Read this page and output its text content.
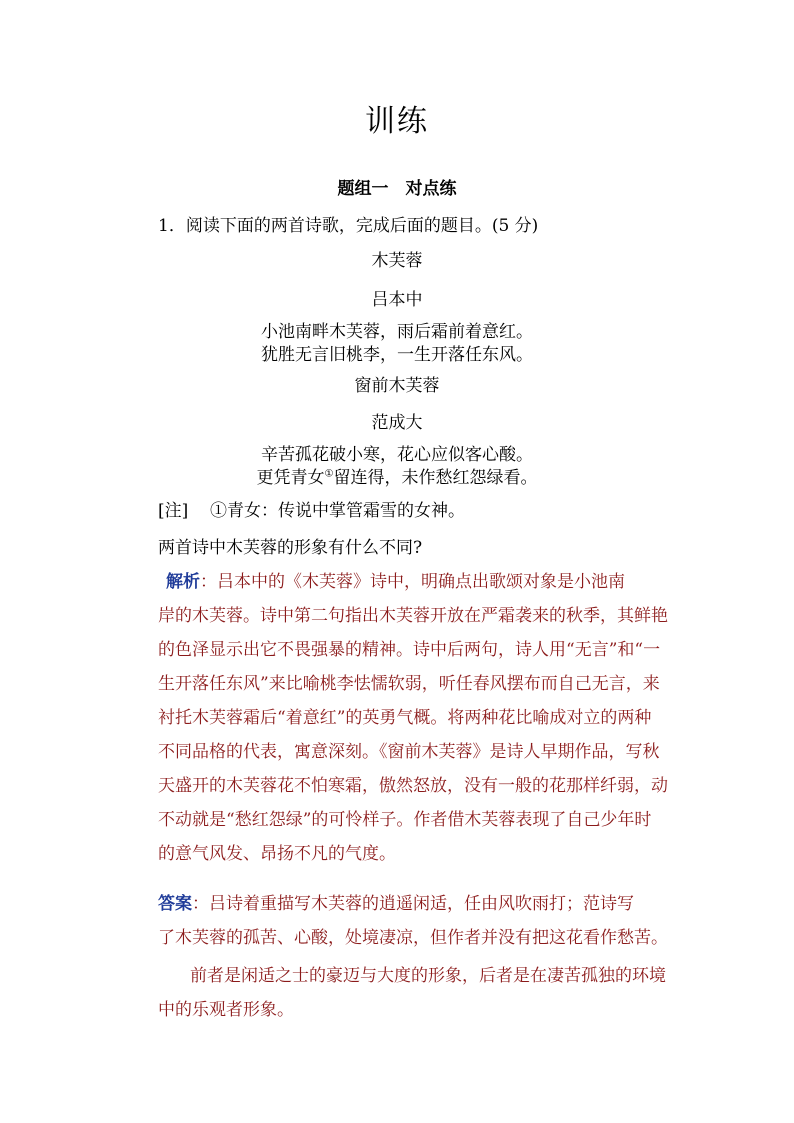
训练
题组一　对点练
1．阅读下面的两首诗歌，完成后面的题目。(5 分)
木芙蓉
吕本中
小池南畔木芙蓉，雨后霜前着意红。
犹胜无言旧桃李，一生开落任东风。
窗前木芙蓉
范成大
辛苦孤花破小寒，花心应似客心酸。
更凭青女①留连得，未作愁红怨绿看。
[注] ①青女：传说中掌管霜雪的女神。
两首诗中木芙蓉的形象有什么不同?

解析：吕本中的《木芙蓉》诗中，明确点出歌颂对象是小池南

岸的木芙蓉。诗中第二句指出木芙蓉开放在严霜袭来的秋季，其鲜艳

的色泽显示出它不畏强暴的精神。诗中后两句，诗人用“无言”和“一

生开落任东风”来比喻桃李怯懦软弱，听任春风摆布而自己无言，来

衬托木芙蓉霜后“着意红”的英勇气概。将两种花比喻成对立的两种

不同品格的代表，寓意深刻。《窗前木芙蓉》是诗人早期作品，写秋

天盛开的木芙蓉花不怕寒霜，傲然怒放，没有一般的花那样纤弱，动

不动就是“愁红怨绿”的可怜样子。作者借木芙蓉表现了自己少年时

的意气风发、昂扬不凡的气度。

答案：吕诗着重描写木芙蓉的逍遥闲适，任由风吹雨打；范诗写

了木芙蓉的孤苦、心酸，处境凄凉，但作者并没有把这花看作愁苦。

前者是闲适之士的豪迈与大度的形象，后者是在凄苦孤独的环境

中的乐观者形象。
